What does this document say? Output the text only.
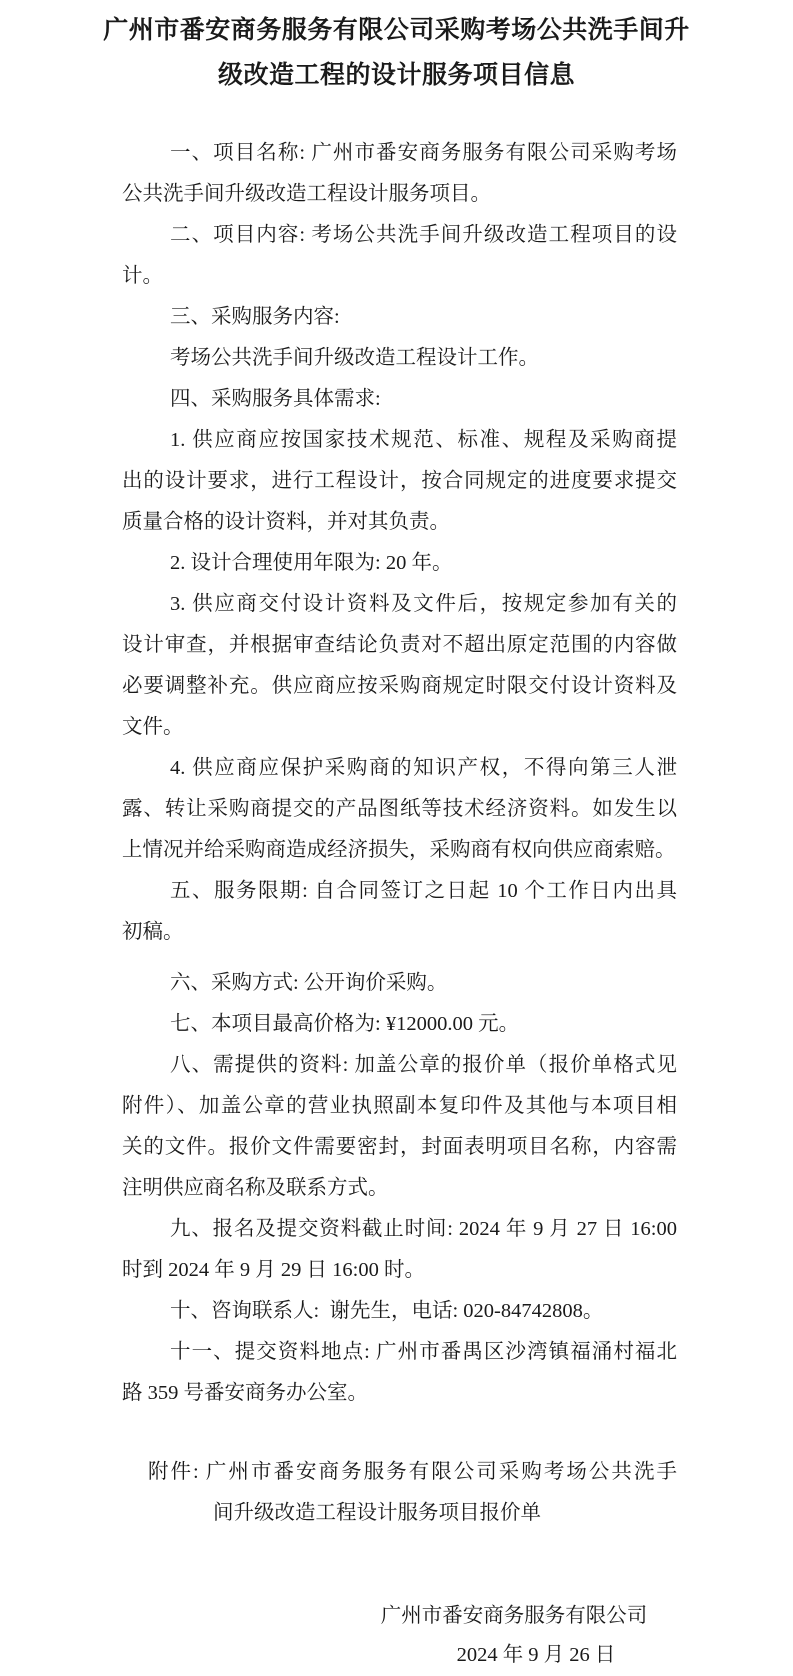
广州市番安商务服务有限公司采购考场公共洗手间升
级改造工程的设计服务项目信息
一、项目名称: 广州市番安商务服务有限公司采购考场
公共洗手间升级改造工程设计服务项目。
二、项目内容: 考场公共洗手间升级改造工程项目的设
计。
三、采购服务内容:
考场公共洗手间升级改造工程设计工作。
四、采购服务具体需求:
1. 供应商应按国家技术规范、标准、规程及采购商提
出的设计要求，进行工程设计，按合同规定的进度要求提交
质量合格的设计资料，并对其负责。
2. 设计合理使用年限为: 20 年。
3. 供应商交付设计资料及文件后，按规定参加有关的
设计审查，并根据审查结论负责对不超出原定范围的内容做
必要调整补充。供应商应按采购商规定时限交付设计资料及
文件。
4. 供应商应保护采购商的知识产权，不得向第三人泄
露、转让采购商提交的产品图纸等技术经济资料。如发生以
上情况并给采购商造成经济损失，采购商有权向供应商索赔。
五、服务限期: 自合同签订之日起 10 个工作日内出具
初稿。
六、采购方式: 公开询价采购。
七、本项目最高价格为: ¥12000.00 元。
八、需提供的资料: 加盖公章的报价单（报价单格式见
附件）、加盖公章的营业执照副本复印件及其他与本项目相
关的文件。报价文件需要密封，封面表明项目名称，内容需
注明供应商名称及联系方式。
九、报名及提交资料截止时间: 2024 年 9 月 27 日 16:00
时到 2024 年 9 月 29 日 16:00 时。
十、咨询联系人:  谢先生，电话: 020-84742808。
十一、提交资料地点: 广州市番禺区沙湾镇福涌村福北
路 359 号番安商务办公室。
附件: 广州市番安商务服务有限公司采购考场公共洗手
间升级改造工程设计服务项目报价单
广州市番安商务服务有限公司
2024 年 9 月 26 日
